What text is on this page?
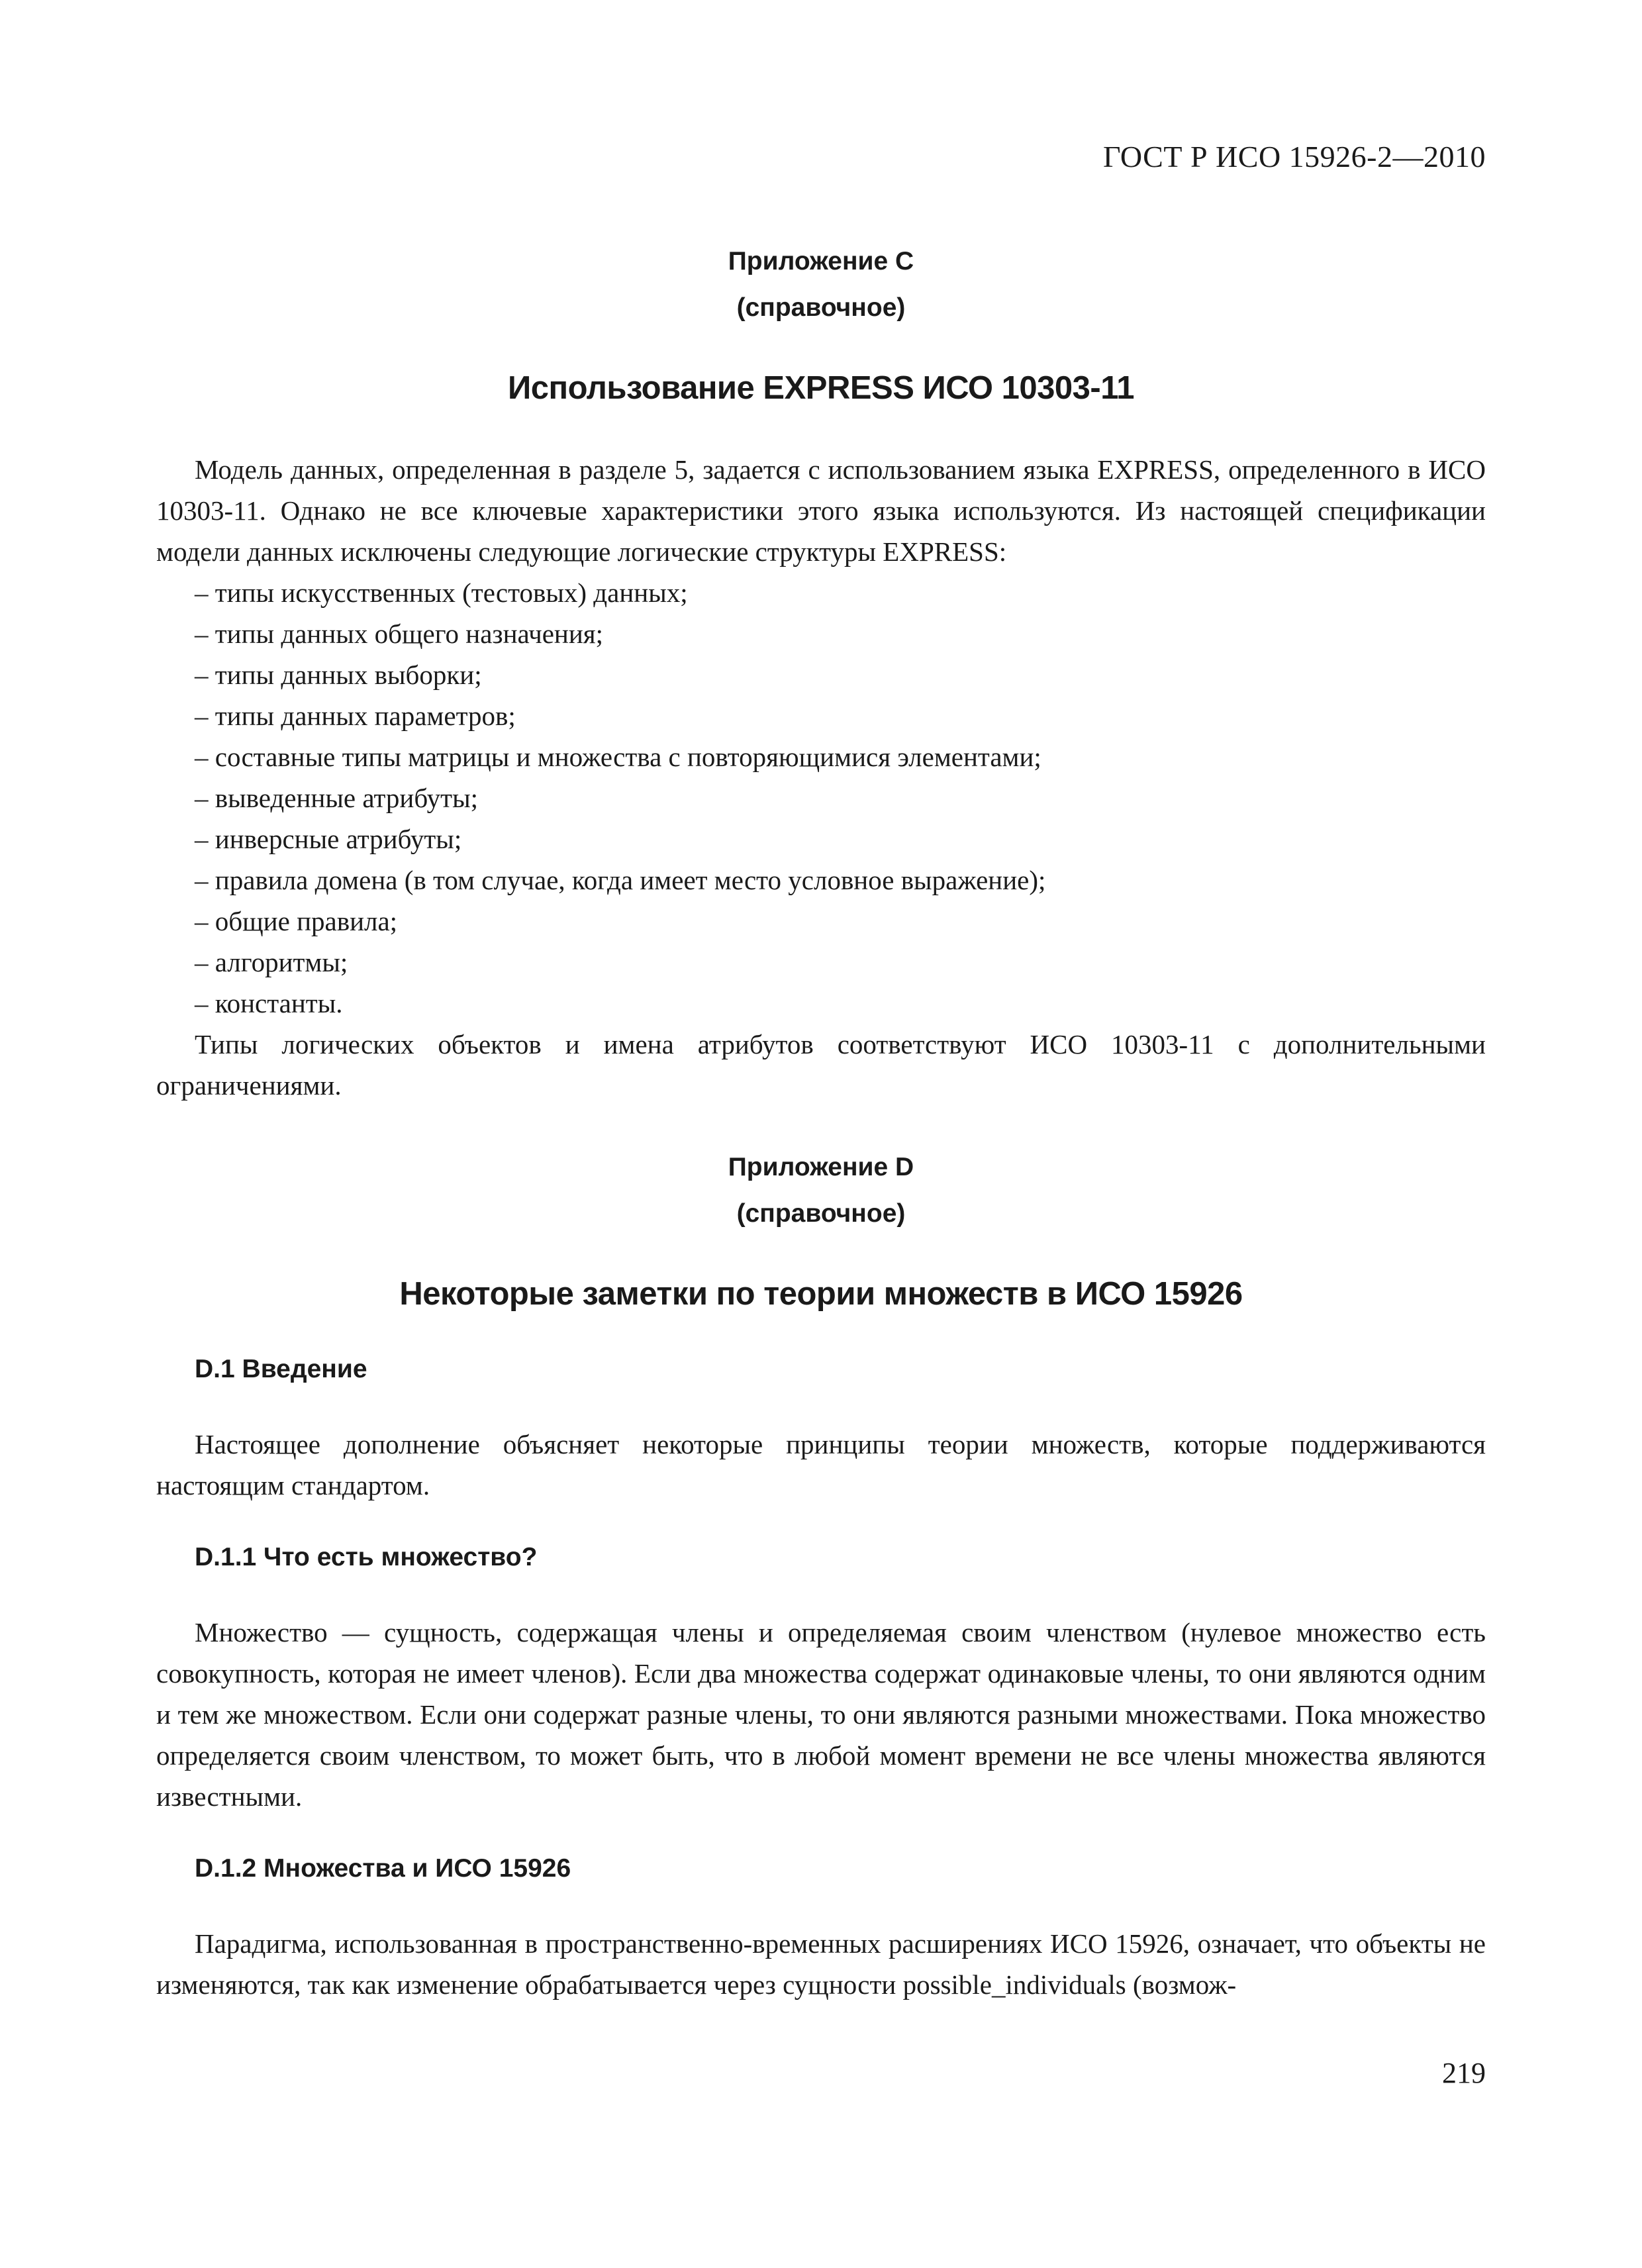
ГОСТ Р ИСО 15926-2—2010
Приложение C
(справочное)
Использование EXPRESS ИСО 10303-11

Модель данных, определенная в разделе 5, задается с использованием языка EXPRESS, определенного в ИСО 10303-11. Однако не все ключевые характеристики этого языка используются. Из настоящей спецификации модели данных исключены следующие логические структуры EXPRESS:

– типы искусственных (тестовых) данных;
– типы данных общего назначения;
– типы данных выборки;
– типы данных параметров;
– составные типы матрицы и множества с повторяющимися элементами;
– выведенные атрибуты;
– инверсные атрибуты;
– правила домена (в том случае, когда имеет место условное выражение);
– общие правила;
– алгоритмы;
– константы.

Типы логических объектов и имена атрибутов соответствуют ИСО 10303-11 с дополнительными ограничениями.

Приложение D
(справочное)
Некоторые заметки по теории множеств в ИСО 15926
D.1 Введение

Настоящее дополнение объясняет некоторые принципы теории множеств, которые поддерживаются настоящим стандартом.

D.1.1 Что есть множество?

Множество — сущность, содержащая члены и определяемая своим членством (нулевое множество есть совокупность, которая не имеет членов). Если два множества содержат одинаковые члены, то они являются одним и тем же множеством. Если они содержат разные члены, то они являются разными множествами. Пока множество определяется своим членством, то может быть, что в любой момент времени не все члены множества являются известными.

D.1.2 Множества и ИСО 15926

Парадигма, использованная в пространственно-временных расширениях ИСО 15926, означает, что объекты не изменяются, так как изменение обрабатывается через сущности possible_individuals (возмож-

219
